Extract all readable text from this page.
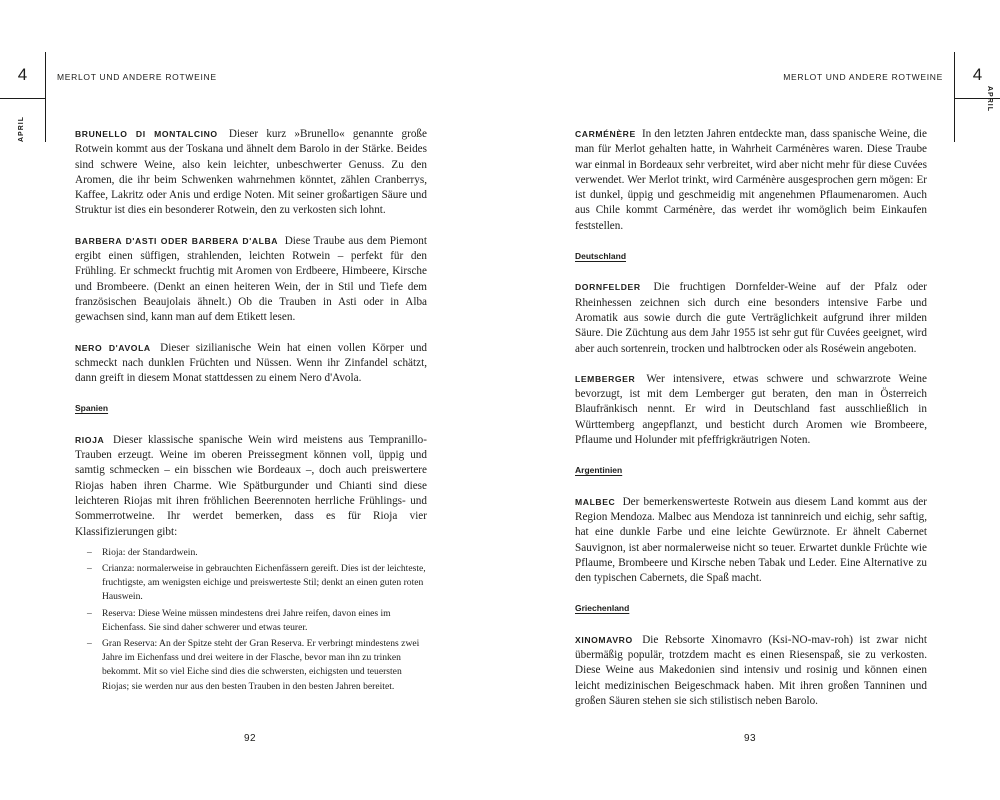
4	MERLOT UND ANDERE ROTWEINE
APRIL	BRUNELLO DI MONTALCINO Dieser kurz »Brunello« genannte große Rotwein kommt aus der Toskana und ähnelt dem Barolo in der Stärke. Beides sind schwere Weine, also kein leichter, unbeschwerter Genuss. Zu den Aromen, die ihr beim Schwenken wahrnehmen könntet, zählen Cranberrys, Kaffee, Lakritz oder Anis und erdige Noten. Mit seiner großartigen Säure und Struktur ist dies ein besonderer Rotwein, den zu verkosten sich lohnt.

BARBERA D'ASTI ODER BARBERA D'ALBA Diese Traube aus dem Piemont ergibt einen süffigen, strahlenden, leichten Rotwein – perfekt für den Frühling. Er schmeckt fruchtig mit Aromen von Erdbeere, Himbeere, Kirsche und Brombeere. (Denkt an einen heiteren Wein, der in Stil und Tiefe dem französischen Beaujolais ähnelt.) Ob die Trauben in Asti oder in Alba gewachsen sind, kann man auf dem Etikett lesen.

NERO D'AVOLA Dieser sizilianische Wein hat einen vollen Körper und schmeckt nach dunklen Früchten und Nüssen. Wenn ihr Zinfandel schätzt, dann greift in diesem Monat stattdessen zu einem Nero d'Avola.

Spanien

RIOJA Dieser klassische spanische Wein wird meistens aus Tempranillo-Trauben erzeugt. Weine im oberen Preissegment können voll, üppig und samtig schmecken – ein bisschen wie Bordeaux –, doch auch preiswertere Riojas haben ihren Charme. Wie Spätburgunder und Chianti sind diese leichteren Riojas mit ihren fröhlichen Beerennoten herrliche Frühlings- und Sommerrotweine. Ihr werdet bemerken, dass es für Rioja vier Klassifizierungen gibt:

– Rioja: der Standardwein.
– Crianza: normalerweise in gebrauchten Eichenfässern gereift. Dies ist der leichteste, fruchtigste, am wenigsten eichige und preiswerteste Stil; denkt an einen guten roten Hauswein.
– Reserva: Diese Weine müssen mindestens drei Jahre reifen, davon eines im Eichenfass. Sie sind daher schwerer und etwas teurer.
– Gran Reserva: An der Spitze steht der Gran Reserva. Er verbringt mindestens zwei Jahre im Eichenfass und drei weitere in der Flasche, bevor man ihn zu trinken bekommt. Mit so viel Eiche sind dies die schwersten, eichigsten und teuersten Riojas; sie werden nur aus den besten Trauben in den besten Jahren bereitet.
92
4
MERLOT UND ANDERE ROTWEINE
APRIL

CARMÉNÈRE In den letzten Jahren entdeckte man, dass spanische Weine, die man für Merlot gehalten hatte, in Wahrheit Carménères waren. Diese Traube war einmal in Bordeaux sehr verbreitet, wird aber nicht mehr für diese Cuvées verwendet. Wer Merlot trinkt, wird Carménère ausgesprochen gern mögen: Er ist dunkel, üppig und geschmeidig mit angenehmen Pflaumenaromen. Auch aus Chile kommt Carménère, das werdet ihr womöglich beim Einkaufen feststellen.

Deutschland

DORNFELDER Die fruchtigen Dornfelder-Weine auf der Pfalz oder Rheinhessen zeichnen sich durch eine besonders intensive Farbe und Aromatik aus sowie durch die gute Verträglichkeit aufgrund ihrer milden Säure. Die Züchtung aus dem Jahr 1955 ist sehr gut für Cuvées geeignet, wird aber auch sortenrein, trocken und halbtrocken oder als Roséwein angeboten.

LEMBERGER Wer intensivere, etwas schwere und schwarzrote Weine bevorzugt, ist mit dem Lemberger gut beraten, den man in Österreich Blaufränkisch nennt. Er wird in Deutschland fast ausschließlich in Württemberg angepflanzt, und besticht durch Aromen wie Brombeere, Pflaume und Holunder mit pfeffrigkräutrigen Noten.

Argentinien

MALBEC Der bemerkenswerteste Rotwein aus diesem Land kommt aus der Region Mendoza. Malbec aus Mendoza ist tanninreich und eichig, sehr saftig, hat eine dunkle Farbe und eine leichte Gewürznote. Er ähnelt Cabernet Sauvignon, ist aber normalerweise nicht so teuer. Erwartet dunkle Früchte wie Pflaume, Brombeere und Kirsche neben Tabak und Leder. Eine Alternative zu den typischen Cabernets, die Spaß macht.

Griechenland

XINOMAVRO Die Rebsorte Xinomavro (Ksi-NO-mav-roh) ist zwar nicht übermäßig populär, trotzdem macht es einen Riesenspaß, sie zu verkosten. Diese Weine aus Makedonien sind intensiv und rosinig und können einen leicht medizinischen Beigeschmack haben. Mit ihren großen Tanninen und großen Säuren stehen sie sich stilistisch neben Barolo.

93
